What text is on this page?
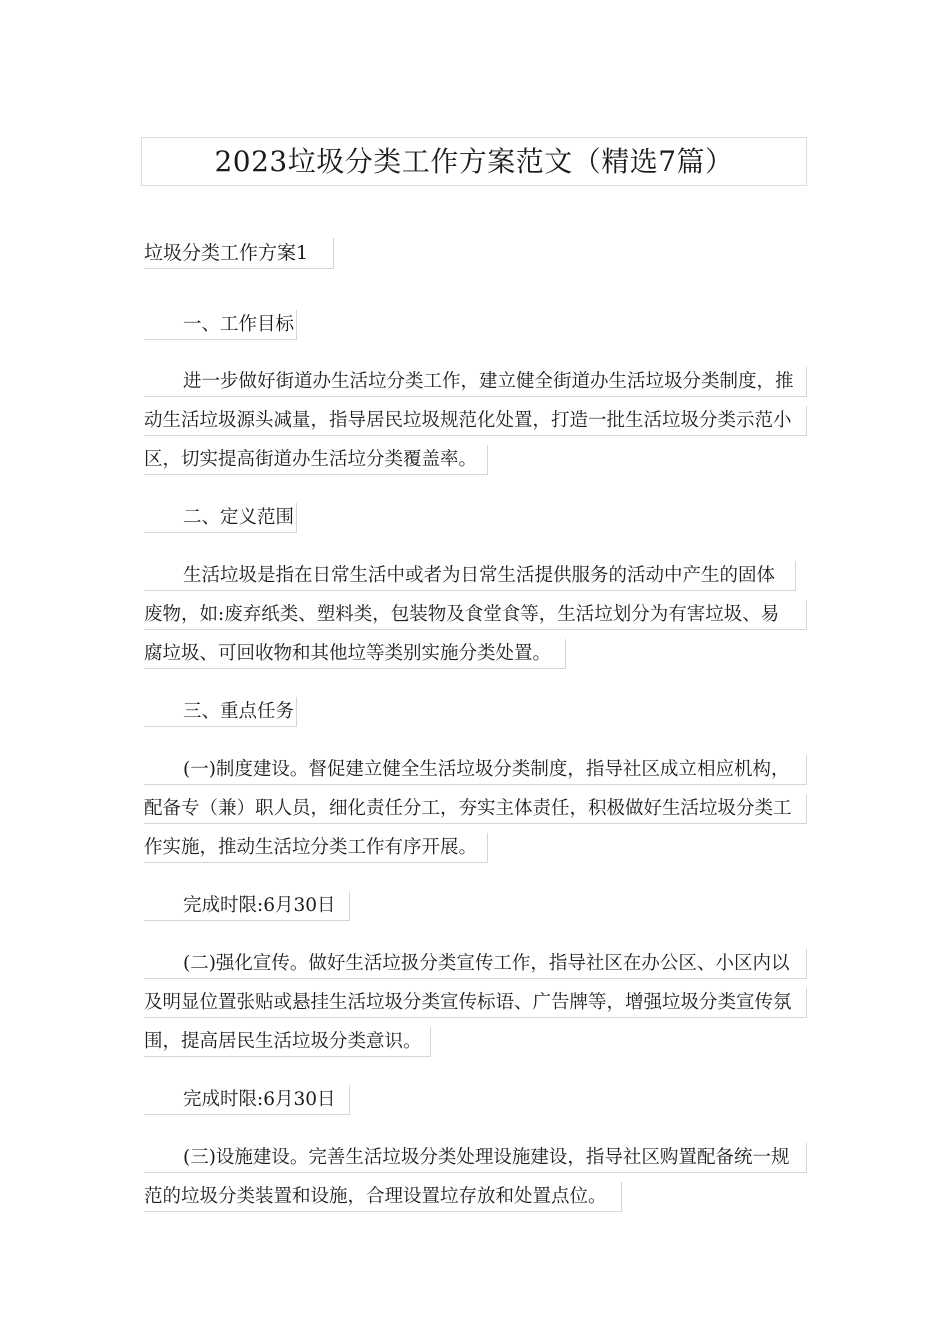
2023垃圾分类工作方案范文（精选7篇）
垃圾分类工作方案1
一、工作目标
进一步做好街道办生活垃分类工作，建立健全街道办生活垃圾分类制度，推
动生活垃圾源头减量，指导居民垃圾规范化处置，打造一批生活垃圾分类示范小
区，切实提高街道办生活垃分类覆盖率。
二、定义范围
生活垃圾是指在日常生活中或者为日常生活提供服务的活动中产生的固体
废物，如:废弃纸类、塑料类，包装物及食堂食等，生活垃划分为有害垃圾、易
腐垃圾、可回收物和其他垃等类别实施分类处置。
三、重点任务
(一)制度建设。督促建立健全生活垃圾分类制度，指导社区成立相应机构，
配备专（兼）职人员，细化责任分工，夯实主体责任，积极做好生活垃圾分类工
作实施，推动生活垃分类工作有序开展。
完成时限:6月30日
(二)强化宣传。做好生活垃扱分类宣传工作，指导社区在办公区、小区内以
及明显位置张贴或悬挂生活垃圾分类宣传标语、广告牌等，增强垃圾分类宣传氛
围，提高居民生活垃圾分类意识。
完成时限:6月30日
(三)设施建设。完善生活垃圾分类处理设施建设，指导社区购置配备统一规
范的垃圾分类装置和设施，合理设置垃存放和处置点位。
